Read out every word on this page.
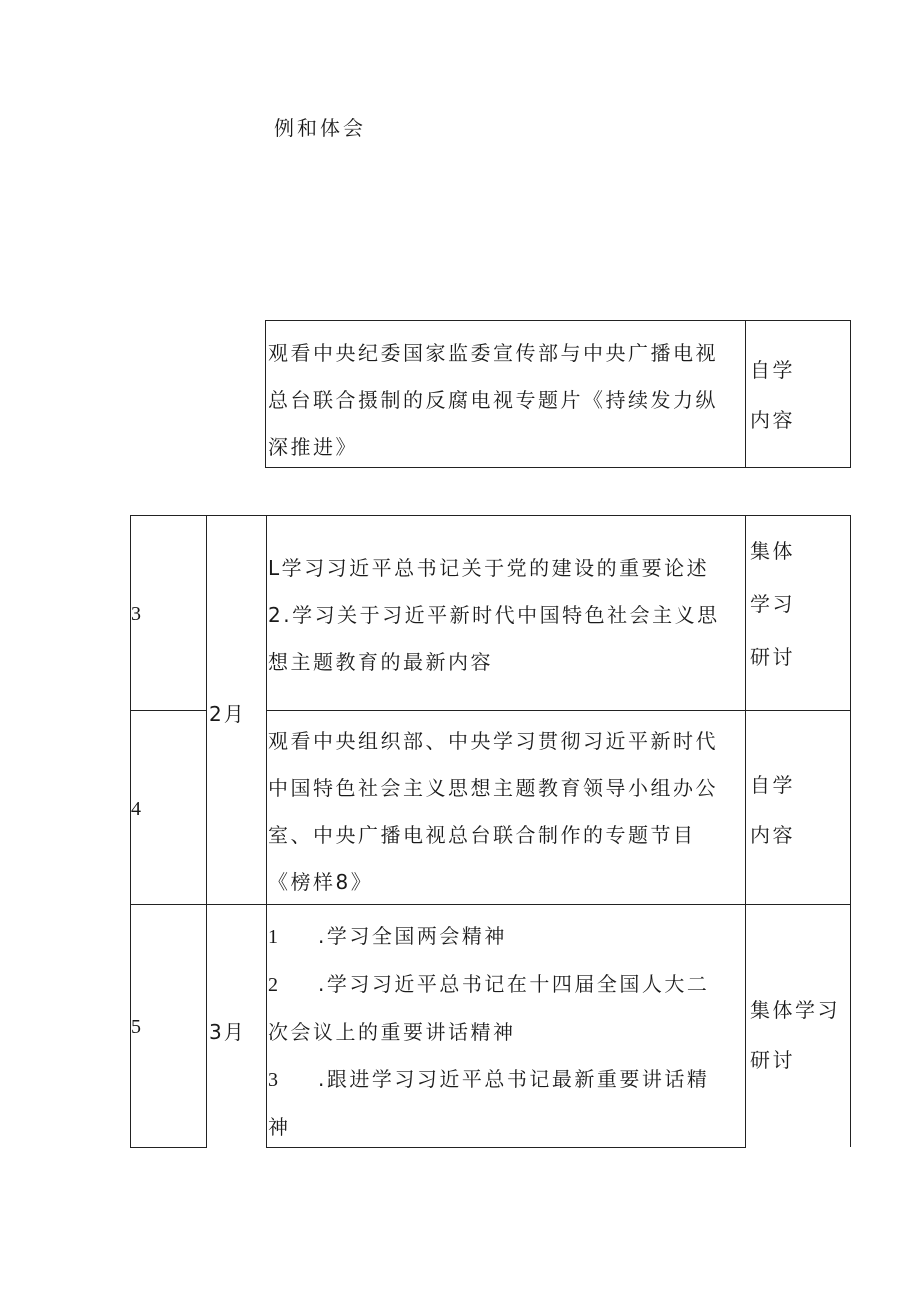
例和体会
观看中央纪委国家监委宣传部与中央广播电视
总台联合摄制的反腐电视专题片《持续发力纵
深推进》
自学
内容
3
L学习习近平总书记关于党的建设的重要论述
2.学习关于习近平新时代中国特色社会主义思
想主题教育的最新内容
集体
学习
研讨
2月
4
观看中央组织部、中央学习贯彻习近平新时代
中国特色社会主义思想主题教育领导小组办公
室、中央广播电视总台联合制作的专题节目
《榜样8》
自学
内容
5	3月
1 .学习全国两会精神
2 .学习习近平总书记在十四届全国人大二
次会议上的重要讲话精神
3 .跟进学习习近平总书记最新重要讲话精
神
集体学习
研讨
